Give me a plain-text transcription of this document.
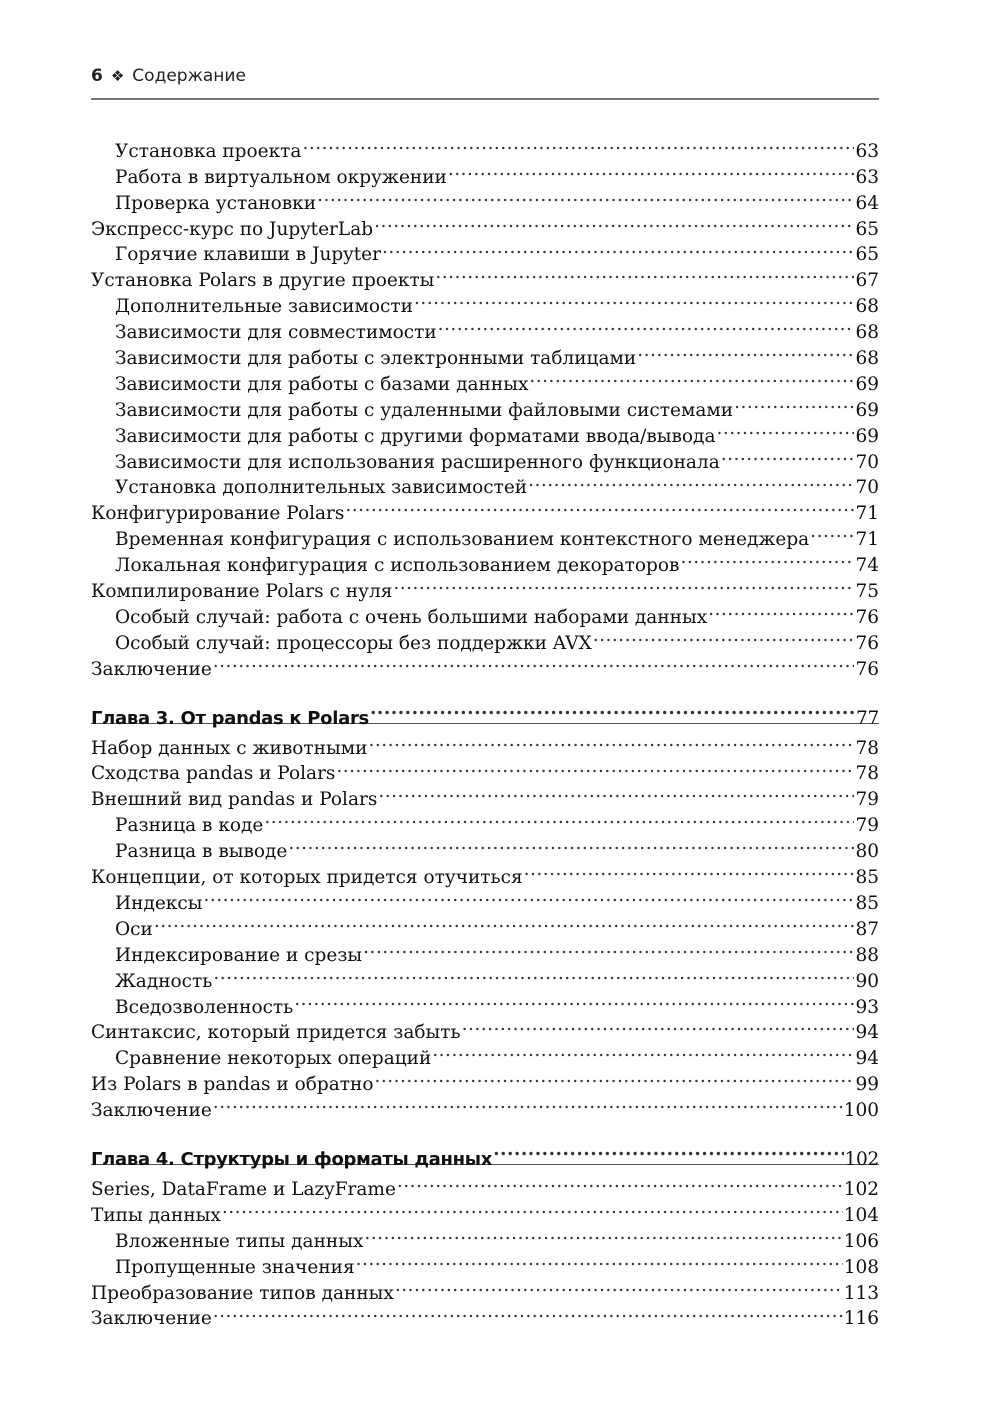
6 ❖ Содержание
Установка проекта .....	63
Работа в виртуальном окружении .....	63
Проверка установки .....	64
Экспресс-курс по JupyterLab .....	65
Горячие клавиши в Jupyter .....	65
Установка Polars в другие проекты .....	67
Дополнительные зависимости .....	68
Зависимости для совместимости .....	68
Зависимости для работы с электронными таблицами .....	68
Зависимости для работы с базами данных .....	69
Зависимости для работы с удаленными файловыми системами .....	69
Зависимости для работы с другими форматами ввода/вывода .....	69
Зависимости для использования расширенного функционала .....	70
Установка дополнительных зависимостей .....	70
Конфигурирование Polars .....	71
Временная конфигурация с использованием контекстного менеджера ..... 71
Локальная конфигурация с использованием декораторов .....	74
Компилирование Polars с нуля .....	75
Особый случай: работа с очень большими наборами данных .....	76
Особый случай: процессоры без поддержки AVX .....	76
Заключение .....	76
Глава 3. От pandas к Polars .....	77
Набор данных с животными .....	78
Сходства pandas и Polars .....	78
Внешний вид pandas и Polars .....	79
Разница в коде .....	79
Разница в выводе .....	80
Концепции, от которых придется отучиться .....	85
Индексы .....	85
Оси .....	87
Индексирование и срезы .....	88
Жадность .....	90
Вседозволенность .....	93
Синтаксис, который придется забыть .....	94
Сравнение некоторых операций .....	94
Из Polars в pandas и обратно .....	99
Заключение .....	100
Глава 4. Структуры и форматы данных .....	102
Series, DataFrame и LazyFrame .....	102
Типы данных .....	104
Вложенные типы данных .....	106
Пропущенные значения .....	108
Преобразование типов данных .....	113
Заключение .....	116
